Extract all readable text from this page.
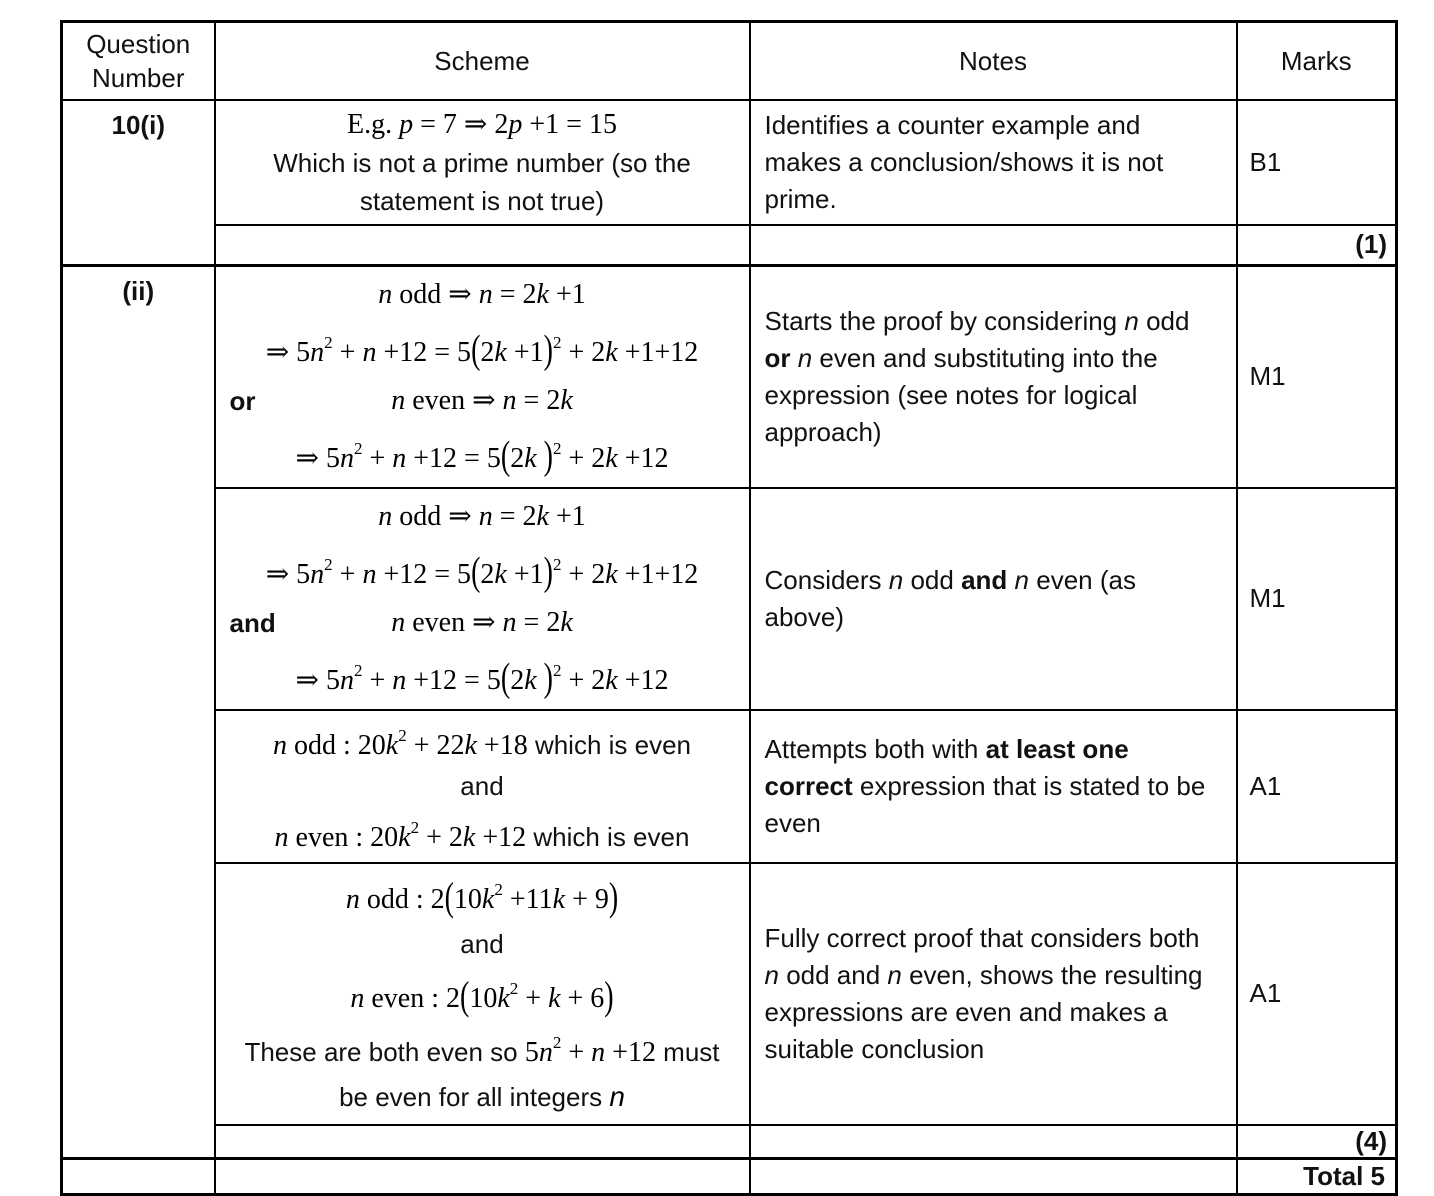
Question Number	Scheme	Notes	Marks
10(i)	E.g. p = 7 ⇒ 2p +1 = 15
Which is not a prime number (so the
statement is not true)	Identifies a counter example and makes a conclusion/shows it is not prime.	B1
			(1)
(ii)	n odd ⇒ n = 2k +1
⇒ $5n^2 + n +12 = 5(2k +1)^2 + 2k +1+12$
or n even ⇒ n = 2k
⇒ $5n^2 + n +12 = 5(2k$ )$^2$ + 2k +12	Starts the proof by considering n odd or n even and substituting into the expression (see notes for logical approach)	M1

	n odd ⇒ n = 2k +1
⇒ $5n^2 + n +12 = 5(2k +1)^2 + 2k +1+12$
and n even ⇒ n = 2k
⇒ $5n^2 + n +12 = 5(2k$ )$^2$ + 2k +12	Considers n odd and n even (as above)	M1

	n odd : $20k^2 + 22k +18$ which is even
and
n even : $20k^2 + 2k +12$ which is even	Attempts both with at least one correct expression that is stated to be even	A1

	n odd : $2(10k^2 +11k + 9)$
and
n even : $2(10k^2 + k + 6)$
These are both even so $5n^2 + n +12$ must
be even for all integers n	Fully correct proof that considers both n odd and n even, shows the resulting expressions are even and makes a suitable conclusion	A1
			(4)
			Total 5
